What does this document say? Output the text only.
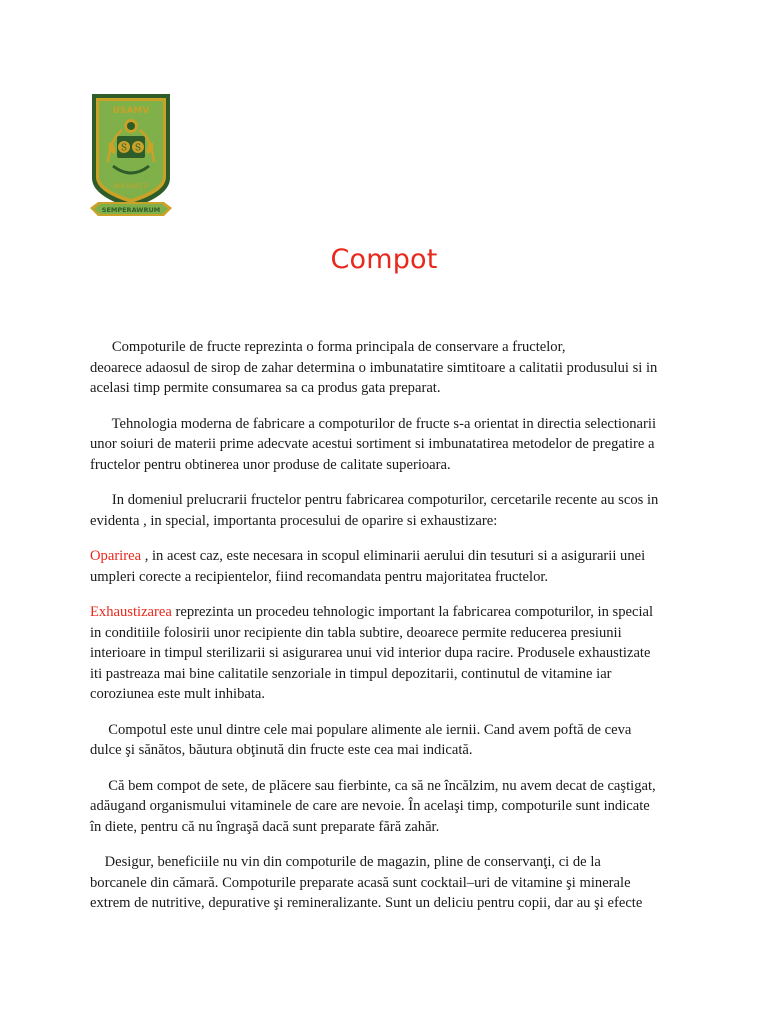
USAMV
S S
BUCUREȘTI
SEMPERAWRUM
Compot
Compoturile de fructe reprezinta o forma principala de conservare a fructelor,
deoarece adaosul de sirop de zahar determina o imbunatatire simtitoare a calitatii produsului si in
acelasi timp permite consumarea sa ca produs gata preparat.
Tehnologia moderna de fabricare a compoturilor de fructe s-a orientat in directia selectionarii
unor soiuri de materii prime adecvate acestui sortiment si imbunatatirea metodelor de pregatire a
fructelor pentru obtinerea unor produse de calitate superioara.
In domeniul prelucrarii fructelor pentru fabricarea compoturilor, cercetarile recente au scos in
evidenta , in special, importanta procesului de oparire si exhaustizare:
Oparirea , in acest caz, este necesara in scopul eliminarii aerului din tesuturi si a asigurarii unei
umpleri corecte a recipientelor, fiind recomandata pentru majoritatea fructelor.
Exhaustizarea reprezinta un procedeu tehnologic important la fabricarea compoturilor, in special
in conditiile folosirii unor recipiente din tabla subtire, deoarece permite reducerea presiunii
interioare in timpul sterilizarii si asigurarea unui vid interior dupa racire. Produsele exhaustizate
iti pastreaza mai bine calitatile senzoriale in timpul depozitarii, continutul de vitamine iar
coroziunea este mult inhibata.
Compotul este unul dintre cele mai populare alimente ale iernii. Cand avem poftă de ceva
dulce şi sănătos, băutura obţinută din fructe este cea mai indicată.
Că bem compot de sete, de plăcere sau fierbinte, ca să ne încălzim, nu avem decat de caştigat,
adăugand organismului vitaminele de care are nevoie. În acelaşi timp, compoturile sunt indicate
în diete, pentru că nu îngraşă dacă sunt preparate fără zahăr.
Desigur, beneficiile nu vin din compoturile de magazin, pline de conservanţi, ci de la
borcanele din cămară. Compoturile preparate acasă sunt cocktail–uri de vitamine şi minerale
extrem de nutritive, depurative şi remineralizante. Sunt un deliciu pentru copii, dar au şi efecte
